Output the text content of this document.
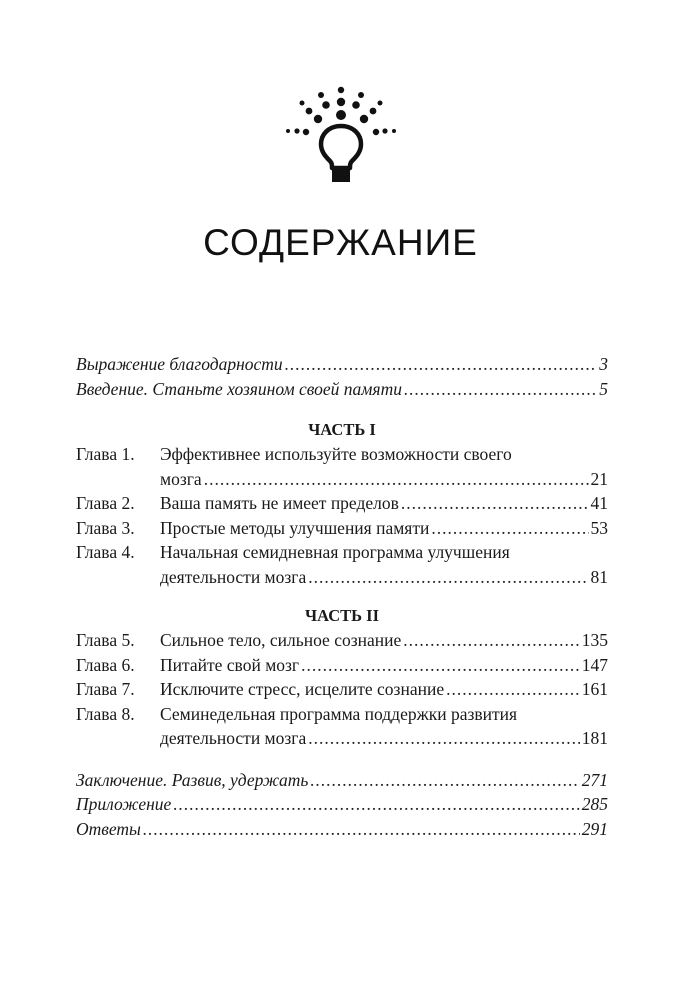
СОДЕРЖАНИЕ
Выражение благодарности .....	3
Введение. Станьте хозяином своей памяти .....	5
ЧАСТЬ I
Глава 1.	Эффективнее используйте возможности своего
мозга .....	21
Глава 2.	Ваша память не имеет пределов .....	41
Глава 3.	Простые методы улучшения памяти .....	53
Глава 4.	Начальная семидневная программа улучшения
деятельности мозга .....	81
ЧАСТЬ II
Глава 5.	Сильное тело, сильное сознание .....	135
Глава 6.	Питайте свой мозг .....	147
Глава 7.	Исключите стресс, исцелите сознание .....	161
Глава 8.	Семинедельная программа поддержки развития
деятельности мозга .....	181
Заключение. Развив, удержать .....	271
Приложение .....	285
Ответы .....	291
